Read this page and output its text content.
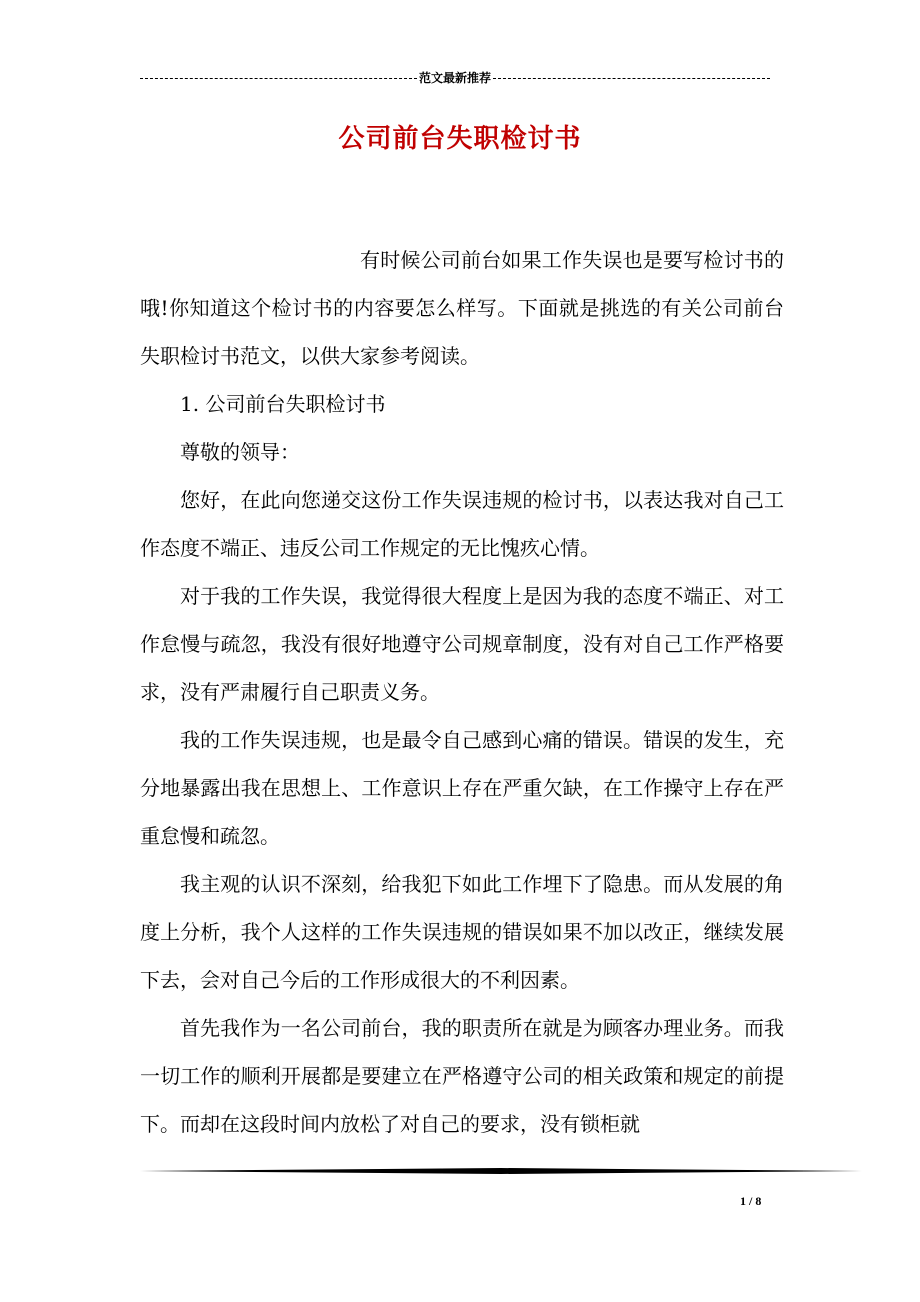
范文最新推荐
公司前台失职检讨书

有时候公司前台如果工作失误也是要写检讨书的哦!你知道这个检讨书的内容要怎么样写。下面就是挑选的有关公司前台失职检讨书范文，以供大家参考阅读。

1. 公司前台失职检讨书

尊敬的领导：

您好，在此向您递交这份工作失误违规的检讨书，以表达我对自己工作态度不端正、违反公司工作规定的无比愧疚心情。

对于我的工作失误，我觉得很大程度上是因为我的态度不端正、对工作怠慢与疏忽，我没有很好地遵守公司规章制度，没有对自己工作严格要求，没有严肃履行自己职责义务。

我的工作失误违规，也是最令自己感到心痛的错误。错误的发生，充分地暴露出我在思想上、工作意识上存在严重欠缺，在工作操守上存在严重怠慢和疏忽。

我主观的认识不深刻，给我犯下如此工作埋下了隐患。而从发展的角度上分析，我个人这样的工作失误违规的错误如果不加以改正，继续发展下去，会对自己今后的工作形成很大的不利因素。

首先我作为一名公司前台，我的职责所在就是为顾客办理业务。而我一切工作的顺利开展都是要建立在严格遵守公司的相关政策和规定的前提下。而却在这段时间内放松了对自己的要求，没有锁柜就

1 / 8
